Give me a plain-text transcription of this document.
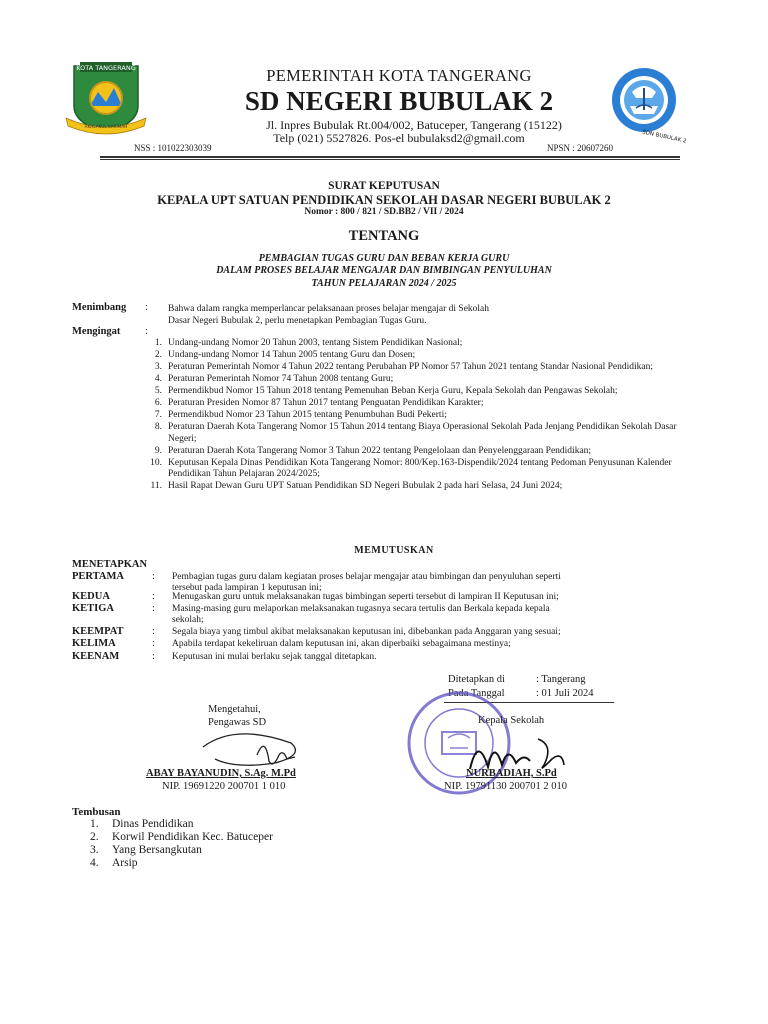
KOTA TANGERANG
AKHLAKUL KARIMAH
SDN BUBULAK 2
PEMERINTAH KOTA TANGERANG
SD NEGERI BUBULAK 2
Jl. Inpres Bubulak Rt.004/002, Batuceper, Tangerang (15122)
Telp (021) 5527826. Pos-el bubulaksd2@gmail.com
NSS : 101022303039	NPSN : 20607260
SURAT KEPUTUSAN
KEPALA UPT SATUAN PENDIDIKAN SEKOLAH DASAR NEGERI BUBULAK 2
Nomor : 800 / 821 / SD.BB2 / VII / 2024
TENTANG
PEMBAGIAN TUGAS GURU DAN BEBAN KERJA GURU
DALAM PROSES BELAJAR MENGAJAR DAN BIMBINGAN PENYULUHAN
TAHUN PELAJARAN 2024 / 2025
Menimbang : Bahwa dalam rangka memperlancar pelaksanaan proses belajar mengajar di Sekolah
Dasar Negeri Bubulak 2, perlu menetapkan Pembagian Tugas Guru.
Mengingat :
1. Undang-undang Nomor 20 Tahun 2003, tentang Sistem Pendidikan Nasional;
2. Undang-undang Nomor 14 Tahun 2005 tentang Guru dan Dosen;
3. Peraturan Pemerintah Nomor 4 Tahun 2022 tentang Perubahan PP Nomor 57 Tahun 2021 tentang Standar Nasional Pendidikan;
4. Peraturan Pemerintah Nomor 74 Tahun 2008 tentang Guru;
5. Permendikbud Nomor 15 Tahun 2018 tentang Pemenuhan Beban Kerja Guru, Kepala Sekolah dan Pengawas Sekolah;
6. Peraturan Presiden Nomor 87 Tahun 2017 tentang Penguatan Pendidikan Karakter;
7. Permendikbud Nomor 23 Tahun 2015 tentang Penumbuhan Budi Pekerti;
8. Peraturan Daerah Kota Tangerang Nomor 15 Tahun 2014 tentang Biaya Operasional Sekolah Pada Jenjang Pendidikan Sekolah Dasar Negeri;
9. Peraturan Daerah Kota Tangerang Nomor 3 Tahun 2022 tentang Pengelolaan dan Penyelenggaraan Pendidikan;
10. Keputusan Kepala Dinas Pendidikan Kota Tangerang Nomor: 800/Kep.163-Dispendik/2024 tentang Pedoman Penyusunan Kalender Pendidikan Tahun Pelajaran 2024/2025;
11. Hasil Rapat Dewan Guru UPT Satuan Pendidikan SD Negeri Bubulak 2 pada hari Selasa, 24 Juni 2024;
MEMUTUSKAN
MENETAPKAN
PERTAMA	: Pembagian tugas guru dalam kegiatan proses belajar mengajar atau bimbingan dan penyuluhan seperti
tersebut pada lampiran 1 keputusan ini;
KEDUA	: Menugaskan guru untuk melaksanakan tugas bimbingan seperti tersebut di lampiran II Keputusan ini;
KETIGA	: Masing-masing guru melaporkan melaksanakan tugasnya secara tertulis dan Berkala kepada kepala
sekolah;
KEEMPAT	: Segala biaya yang timbul akibat melaksanakan keputusan ini, dibebankan pada Anggaran yang sesuai;
KELIMA	: Apabila terdapat kekeliruan dalam keputusan ini, akan diperbaiki sebagaimana mestinya;
KEENAM	: Keputusan ini mulai berlaku sejak tanggal ditetapkan.
Ditetapkan di	: Tangerang
Pada Tanggal	: 01 Juli 2024
Mengetahui,
Pengawas SD
ABAY BAYANUDIN, S.Ag. M.Pd
NIP. 19691220 200701 1 010
Kepala Sekolah
NURBADIAH, S.Pd
NIP. 19791130 200701 2 010
Tembusan
1. Dinas Pendidikan
2. Korwil Pendidikan Kec. Batuceper
3. Yang Bersangkutan
4. Arsip
